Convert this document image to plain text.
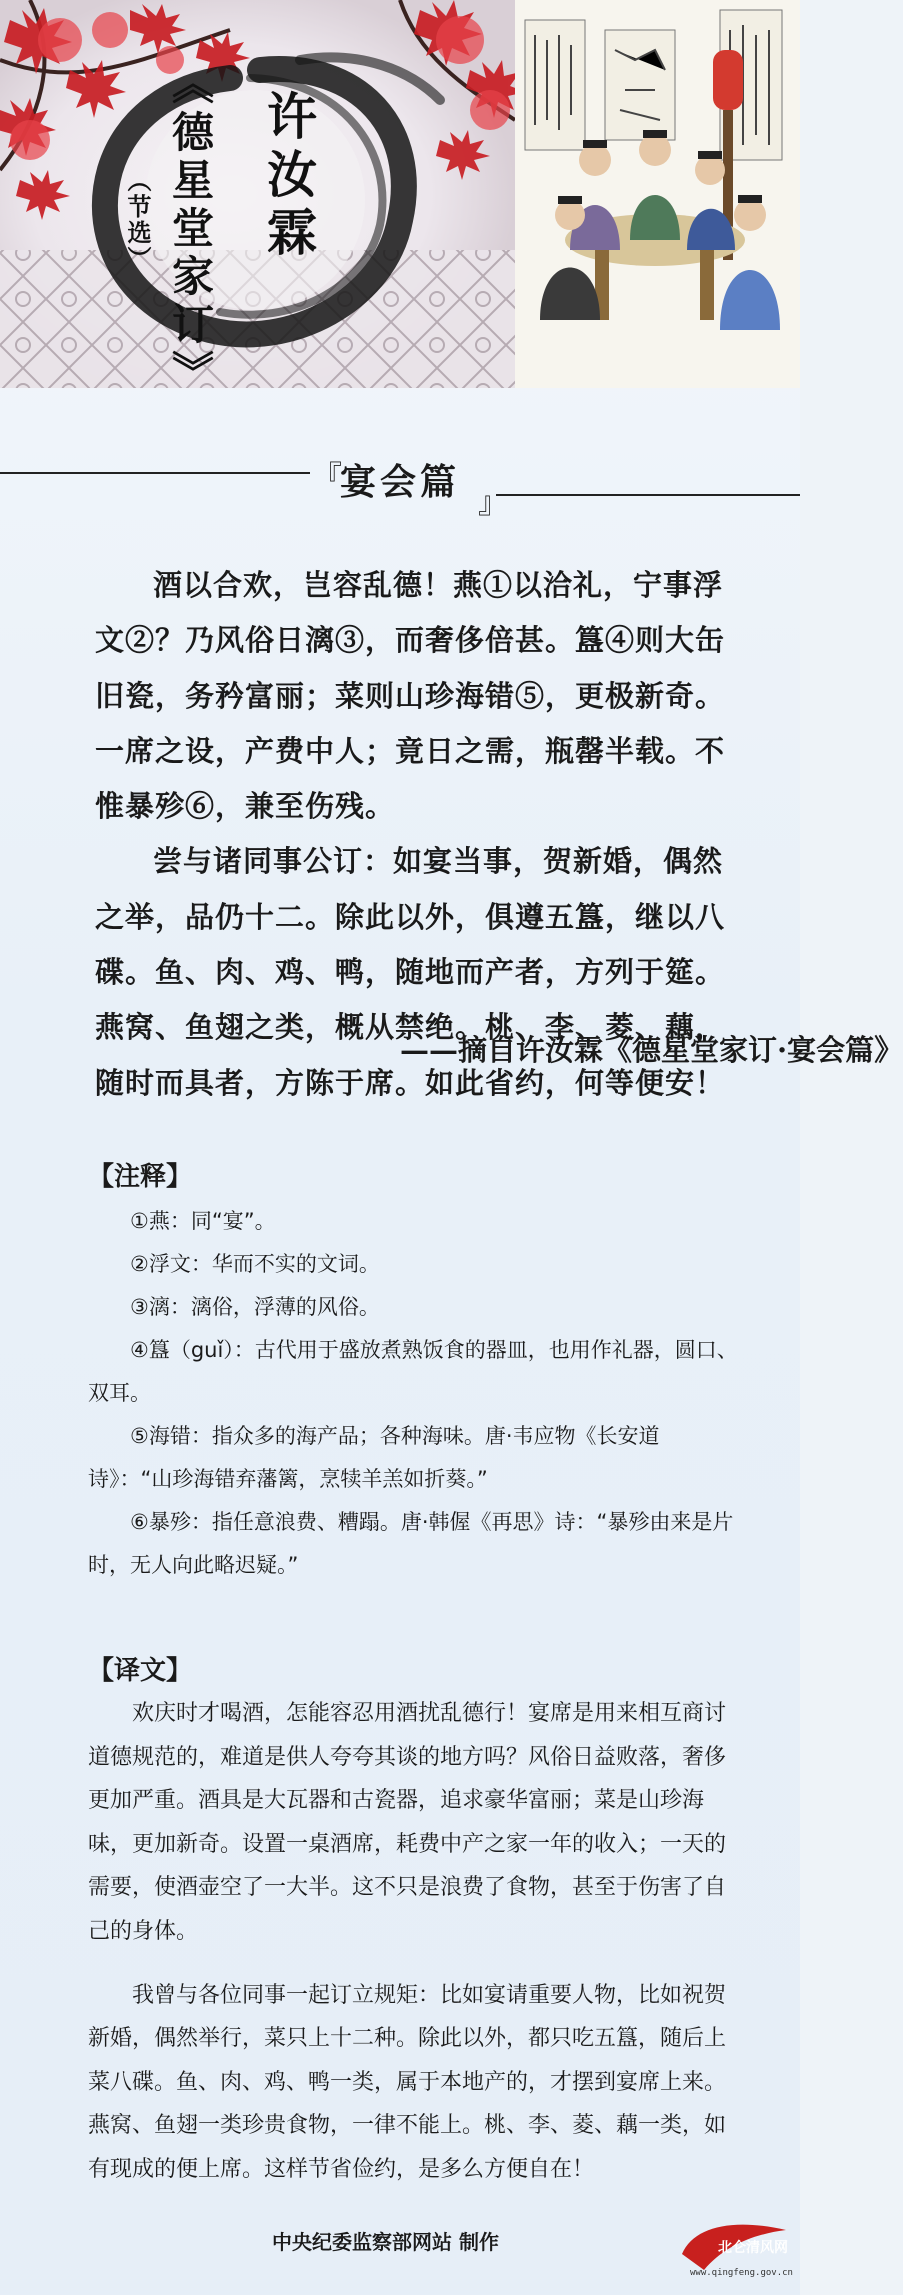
许汝霖
《德星堂家订》
（节选）
『
宴会篇
』

酒以合欢，岂容乱德！燕①以洽礼，宁事浮文②？乃风俗日漓③，而奢侈倍甚。簋④则大缶旧瓷，务矜富丽；菜则山珍海错⑤，更极新奇。一席之设，产费中人；竟日之需，瓶罄半载。不惟暴殄⑥，兼至伤残。

尝与诸同事公订：如宴当事，贺新婚，偶然之举，品仍十二。除此以外，俱遵五簋，继以八碟。鱼、肉、鸡、鸭，随地而产者，方列于筵。燕窝、鱼翅之类，概从禁绝。桃、李、菱、藕，随时而具者，方陈于席。如此省约，何等便安！

——摘自许汝霖《德星堂家订·宴会篇》
【注释】

①燕：同“宴”。

②浮文：华而不实的文词。

③漓：漓俗，浮薄的风俗。

④簋（guǐ）：古代用于盛放煮熟饭食的器皿，也用作礼器，圆口、双耳。

⑤海错：指众多的海产品；各种海味。唐·韦应物《长安道诗》：“山珍海错弃藩篱，烹犊羊羔如折葵。”

⑥暴殄：指任意浪费、糟蹋。唐·韩偓《再思》诗：“暴殄由来是片时，无人向此略迟疑。”

【译文】

欢庆时才喝酒，怎能容忍用酒扰乱德行！宴席是用来相互商讨道德规范的，难道是供人夸夸其谈的地方吗？风俗日益败落，奢侈更加严重。酒具是大瓦器和古瓷器，追求豪华富丽；菜是山珍海味，更加新奇。设置一桌酒席，耗费中产之家一年的收入；一天的需要，使酒壶空了一大半。这不只是浪费了食物，甚至于伤害了自己的身体。

我曾与各位同事一起订立规矩：比如宴请重要人物，比如祝贺新婚，偶然举行，菜只上十二种。除此以外，都只吃五簋，随后上菜八碟。鱼、肉、鸡、鸭一类，属于本地产的，才摆到宴席上来。燕窝、鱼翅一类珍贵食物，一律不能上。桃、李、菱、藕一类，如有现成的便上席。这样节省俭约，是多么方便自在！

中央纪委监察部网站 制作	北仑清风网
www.qingfeng.gov.cn
